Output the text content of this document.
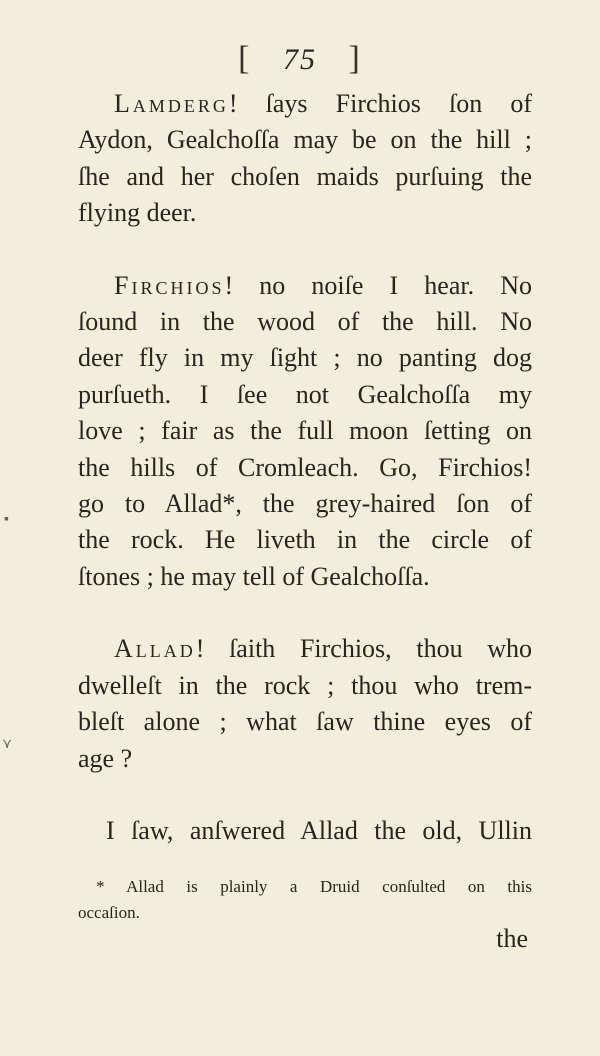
[ 75 ]

Lamderg! ſays Firchios ſon of
Aydon, Gealchoſſa may be on the hill ;
ſhe and her choſen maids purſuing the
flying deer.

Firchios! no noiſe I hear. No
ſound in the wood of the hill. No
deer fly in my ſight ; no panting dog
purſueth. I ſee not Gealchoſſa my
love ; fair as the full moon ſetting on
the hills of Cromleach. Go, Firchios!
go to Allad*, the grey-haired ſon of
the rock. He liveth in the circle of
ſtones ; he may tell of Gealchoſſa.

Allad! ſaith Firchios, thou who
dwelleſt in the rock ; thou who trem-
bleſt alone ; what ſaw thine eyes of
age ?

I ſaw, anſwered Allad the old, Ullin

* Allad is plainly a Druid conſulted on this
occaſion.
the
▪
⋎
